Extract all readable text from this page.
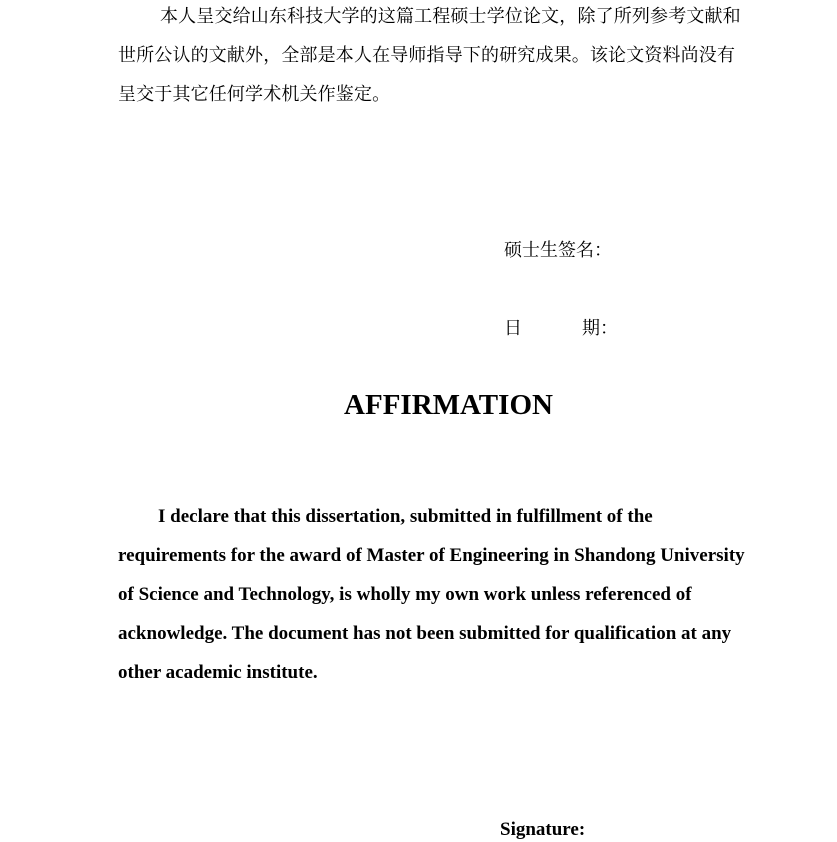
本人呈交给山东科技大学的这篇工程硕士学位论文，除了所列参考文献和
世所公认的文献外，全部是本人在导师指导下的研究成果。该论文资料尚没有
呈交于其它任何学术机关作鉴定。
硕士生签名：
日	期：
AFFIRMATION
I declare that this dissertation, submitted in fulfillment of the
requirements for the award of Master of Engineering in Shandong University
of Science and Technology, is wholly my own work unless referenced of
acknowledge. The document has not been submitted for qualification at any
other academic institute.
Signature:
